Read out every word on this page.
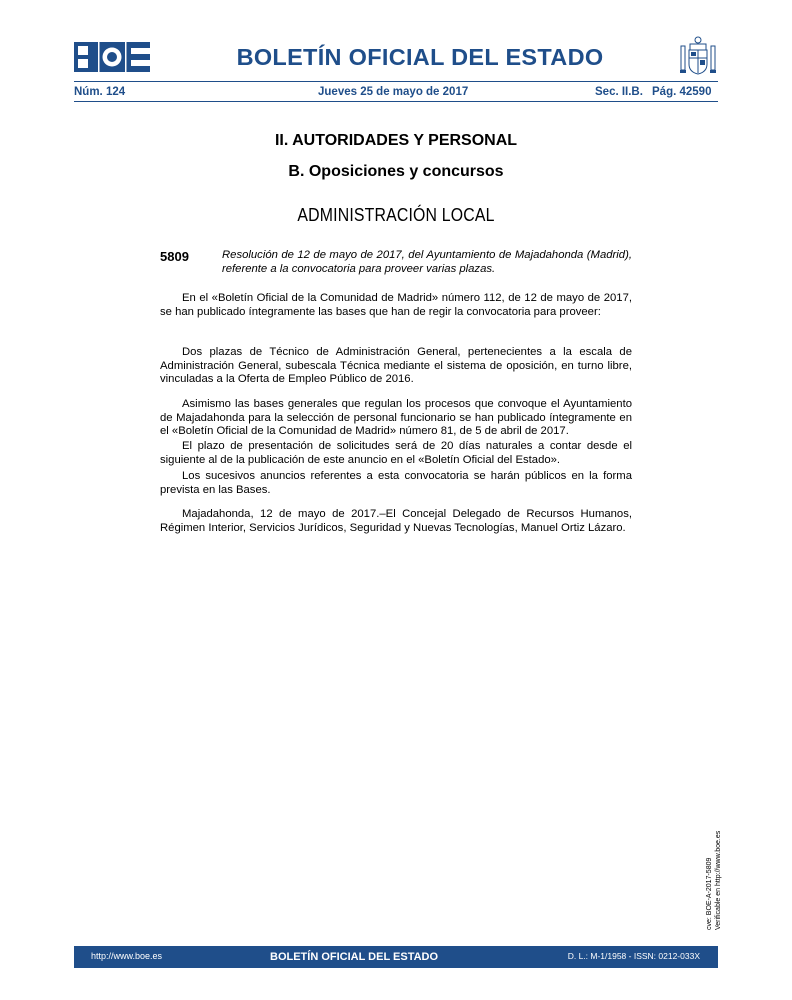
BOLETÍN OFICIAL DEL ESTADO
Núm. 124	Jueves 25 de mayo de 2017	Sec. II.B. Pág. 42590
II. AUTORIDADES Y PERSONAL
B. Oposiciones y concursos
ADMINISTRACIÓN LOCAL
5809	Resolución de 12 de mayo de 2017, del Ayuntamiento de Majadahonda (Madrid), referente a la convocatoria para proveer varias plazas.

En el «Boletín Oficial de la Comunidad de Madrid» número 112, de 12 de mayo de 2017, se han publicado íntegramente las bases que han de regir la convocatoria para proveer:

Dos plazas de Técnico de Administración General, pertenecientes a la escala de Administración General, subescala Técnica mediante el sistema de oposición, en turno libre, vinculadas a la Oferta de Empleo Público de 2016.

Asimismo las bases generales que regulan los procesos que convoque el Ayuntamiento de Majadahonda para la selección de personal funcionario se han publicado íntegramente en el «Boletín Oficial de la Comunidad de Madrid» número 81, de 5 de abril de 2017.

El plazo de presentación de solicitudes será de 20 días naturales a contar desde el siguiente al de la publicación de este anuncio en el «Boletín Oficial del Estado».

Los sucesivos anuncios referentes a esta convocatoria se harán públicos en la forma prevista en las Bases.

Majadahonda, 12 de mayo de 2017.–El Concejal Delegado de Recursos Humanos, Régimen Interior, Servicios Jurídicos, Seguridad y Nuevas Tecnologías, Manuel Ortiz Lázaro.

cve: BOE-A-2017-5809 Verificable en http://www.boe.es
http://www.boe.es	BOLETÍN OFICIAL DEL ESTADO	D. L.: M-1/1958 - ISSN: 0212-033X
